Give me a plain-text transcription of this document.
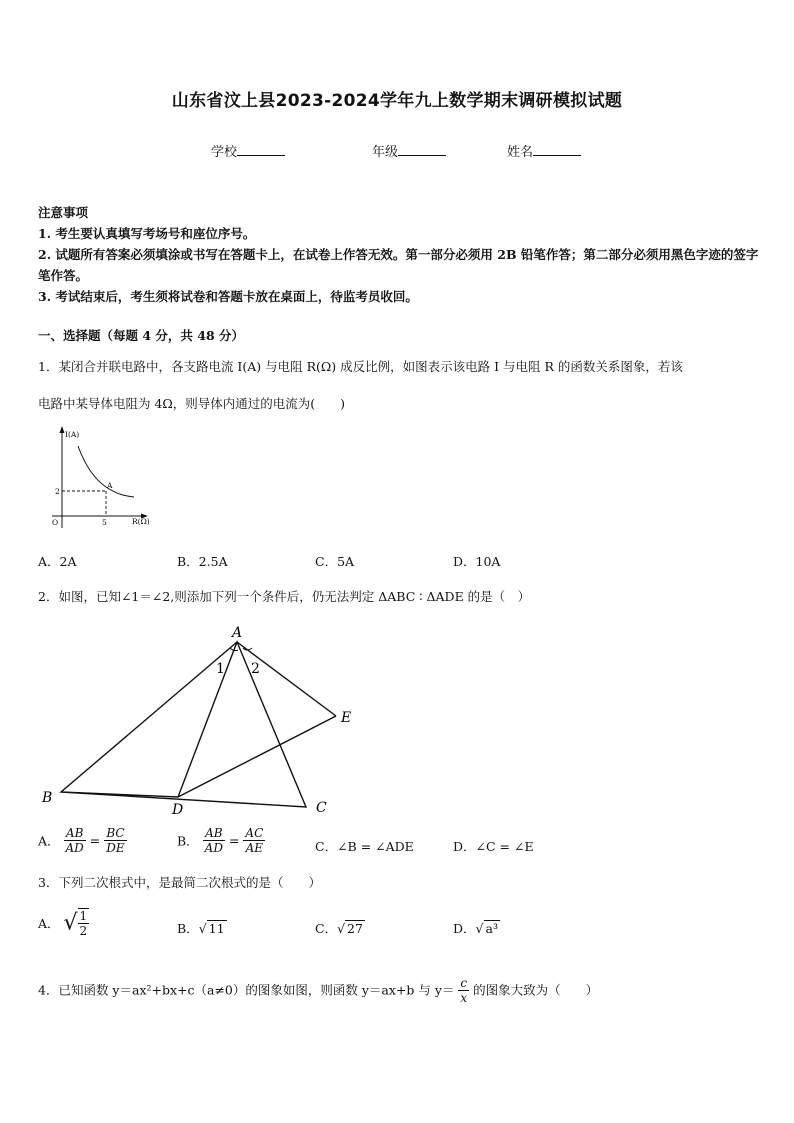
山东省汶上县2023-2024学年九上数学期末调研模拟试题
学校	年级	姓名
注意事项
1. 考生要认真填写考场号和座位序号。
2. 试题所有答案必须填涂或书写在答题卡上，在试卷上作答无效。第一部分必须用 2B 铅笔作答；第二部分必须用黑色字迹的签字笔作答。
3. 考试结束后，考生须将试卷和答题卡放在桌面上，待监考员收回。
一、选择题（每题 4 分，共 48 分）
1．某闭合并联电路中，各支路电流 I(A) 与电阻 R(Ω) 成反比例，如图表示该电路 I 与电阻 R 的函数关系图象，若该
电路中某导体电阻为 4Ω，则导体内通过的电流为(　　)
I(A)
R(Ω)
O
A
5
2
A．2A	B．2.5A	C．5A	D．10A
2．如图，已知∠1＝∠2,则添加下列一个条件后，仍无法判定 ΔABC ∶ ΔADE 的是（　）
A
B
D	C
E
1 2
A． $\frac{AB}{AD} = \frac{BC}{DE}$	B． $\frac{AB}{AD} = \frac{AC}{AE}$	C．∠B = ∠ADE	D．∠C = ∠E
3．下列二次根式中，是最简二次根式的是（　　）
A． √ $\frac{1}{2}$	B．√ 11	C．√ 27	D．√ a³
4．已知函数 y＝ax²+bx+c（a≠0）的图象如图，则函数 y＝ax+b 与 $y= \frac{c}{x}$ 的图象大致为（　　）
